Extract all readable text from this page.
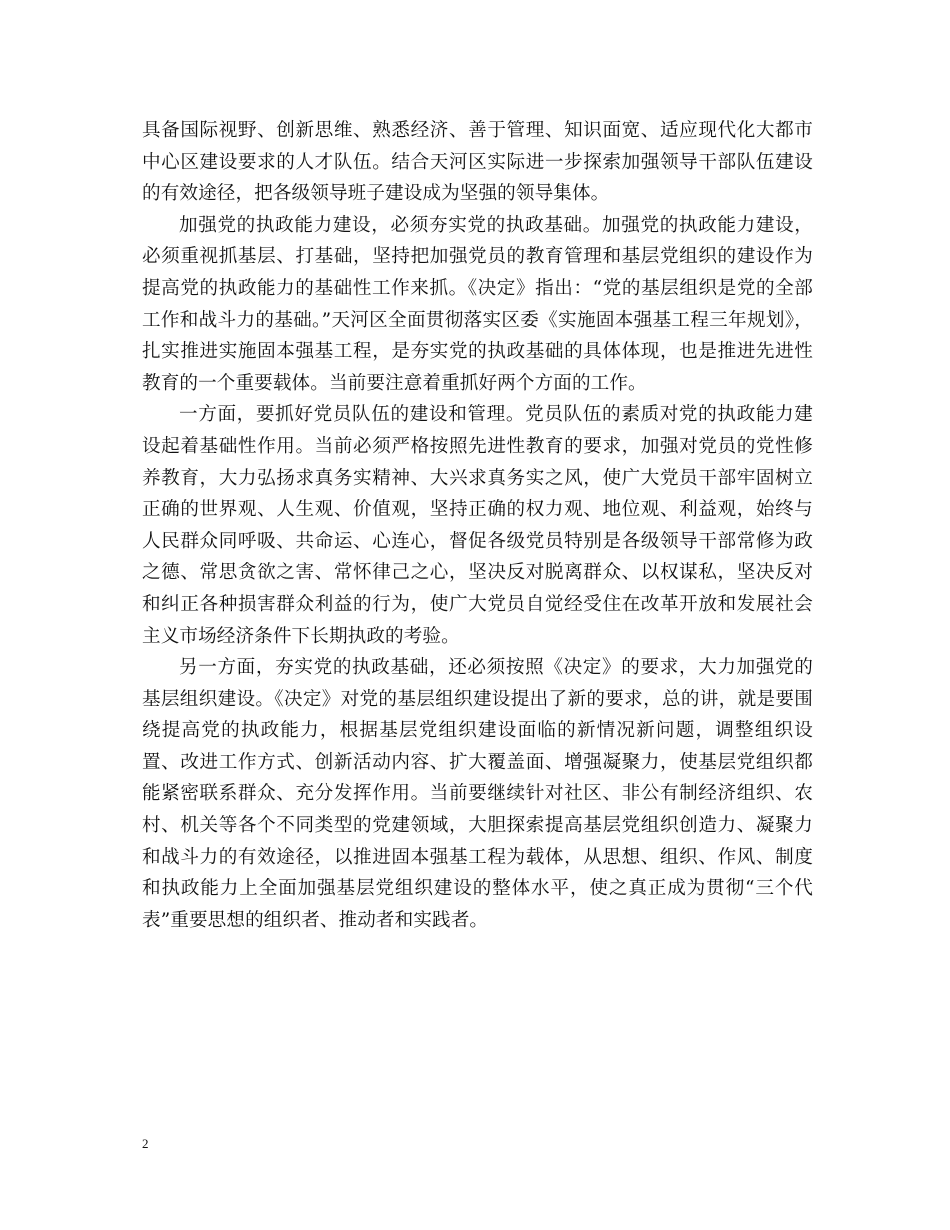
具备国际视野、创新思维、熟悉经济、善于管理、知识面宽、适应现代化大都市中心区建设要求的人才队伍。结合天河区实际进一步探索加强领导干部队伍建设的有效途径，把各级领导班子建设成为坚强的领导集体。

加强党的执政能力建设，必须夯实党的执政基础。加强党的执政能力建设，必须重视抓基层、打基础，坚持把加强党员的教育管理和基层党组织的建设作为提高党的执政能力的基础性工作来抓。《决定》指出：“党的基层组织是党的全部工作和战斗力的基础。”天河区全面贯彻落实区委《实施固本强基工程三年规划》，扎实推进实施固本强基工程，是夯实党的执政基础的具体体现，也是推进先进性教育的一个重要载体。当前要注意着重抓好两个方面的工作。

一方面，要抓好党员队伍的建设和管理。党员队伍的素质对党的执政能力建设起着基础性作用。当前必须严格按照先进性教育的要求，加强对党员的党性修养教育，大力弘扬求真务实精神、大兴求真务实之风，使广大党员干部牢固树立正确的世界观、人生观、价值观，坚持正确的权力观、地位观、利益观，始终与人民群众同呼吸、共命运、心连心，督促各级党员特别是各级领导干部常修为政之德、常思贪欲之害、常怀律己之心，坚决反对脱离群众、以权谋私，坚决反对和纠正各种损害群众利益的行为，使广大党员自觉经受住在改革开放和发展社会主义市场经济条件下长期执政的考验。

另一方面，夯实党的执政基础，还必须按照《决定》的要求，大力加强党的基层组织建设。《决定》对党的基层组织建设提出了新的要求，总的讲，就是要围绕提高党的执政能力，根据基层党组织建设面临的新情况新问题，调整组织设置、改进工作方式、创新活动内容、扩大覆盖面、增强凝聚力，使基层党组织都能紧密联系群众、充分发挥作用。当前要继续针对社区、非公有制经济组织、农村、机关等各个不同类型的党建领域，大胆探索提高基层党组织创造力、凝聚力和战斗力的有效途径，以推进固本强基工程为载体，从思想、组织、作风、制度和执政能力上全面加强基层党组织建设的整体水平，使之真正成为贯彻“三个代表”重要思想的组织者、推动者和实践者。

2
